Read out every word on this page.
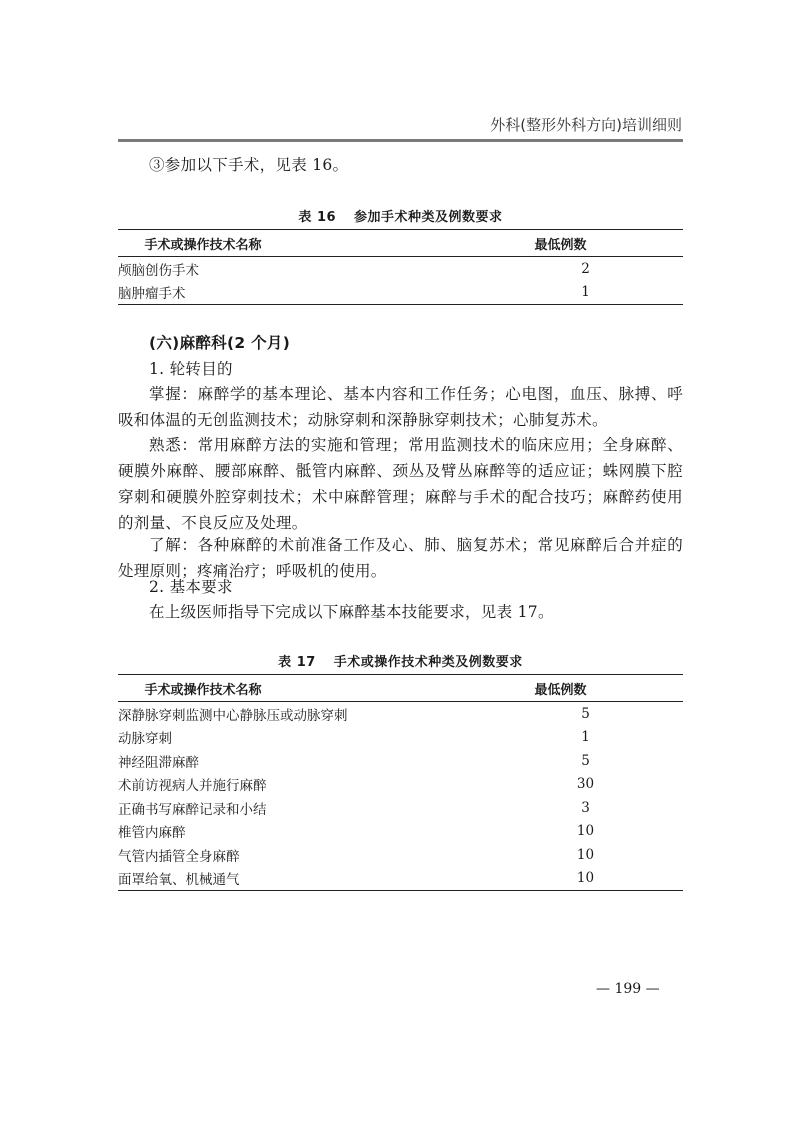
外科(整形外科方向)培训细则

③参加以下手术，见表 16。

表 16 参加手术种类及例数要求
手术或操作技术名称	最低例数
颅脑创伤手术	2
脑肿瘤手术	1

(六)麻醉科(2 个月)

1. 轮转目的

掌握：麻醉学的基本理论、基本内容和工作任务；心电图，血压、脉搏、呼吸和体温的无创监测技术；动脉穿刺和深静脉穿刺技术；心肺复苏术。

熟悉：常用麻醉方法的实施和管理；常用监测技术的临床应用；全身麻醉、硬膜外麻醉、腰部麻醉、骶管内麻醉、颈丛及臂丛麻醉等的适应证；蛛网膜下腔穿刺和硬膜外腔穿刺技术；术中麻醉管理；麻醉与手术的配合技巧；麻醉药使用的剂量、不良反应及处理。

了解：各种麻醉的术前准备工作及心、肺、脑复苏术；常见麻醉后合并症的处理原则；疼痛治疗；呼吸机的使用。

2. 基本要求

在上级医师指导下完成以下麻醉基本技能要求，见表 17。

表 17 手术或操作技术种类及例数要求
手术或操作技术名称	最低例数
深静脉穿刺监测中心静脉压或动脉穿刺	5
动脉穿刺	1
神经阻滞麻醉	5
术前访视病人并施行麻醉	30
正确书写麻醉记录和小结	3
椎管内麻醉	10
气管内插管全身麻醉	10
面罩给氧、机械通气	10
— 199 —
